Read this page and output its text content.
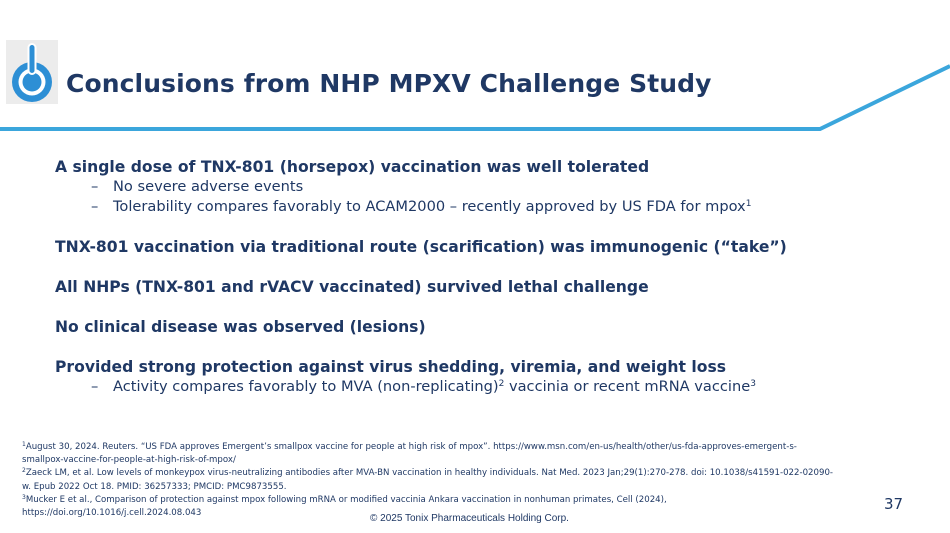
Conclusions from NHP MPXV Challenge Study
A single dose of TNX-801 (horsepox) vaccination was well tolerated
– No severe adverse events
– Tolerability compares favorably to ACAM2000 – recently approved by US FDA for mpox$^1$
TNX-801 vaccination via traditional route (scarification) was immunogenic (“take”)
All NHPs (TNX-801 and rVACV vaccinated) survived lethal challenge
No clinical disease was observed (lesions)
Provided strong protection against virus shedding, viremia, and weight loss
– Activity compares favorably to MVA (non-replicating)$^2$ vaccinia or recent mRNA vaccine$^3$
$^1$August 30, 2024. Reuters. “US FDA approves Emergent’s smallpox vaccine for people at high risk of mpox”. https://www.msn.com/en-us/health/other/us-fda-approves-emergent-s-
smallpox-vaccine-for-people-at-high-risk-of-mpox/
$^2$Zaeck LM, et al. Low levels of monkeypox virus-neutralizing antibodies after MVA-BN vaccination in healthy individuals. Nat Med. 2023 Jan;29(1):270-278. doi: 10.1038/s41591-022-02090-
w. Epub 2022 Oct 18. PMID: 36257333; PMCID: PMC9873555.
$^3$Mucker E et al., Comparison of protection against mpox following mRNA or modified vaccinia Ankara vaccination in nonhuman primates, Cell (2024),
https://doi.org/10.1016/j.cell.2024.08.043
37
© 2025 Tonix Pharmaceuticals Holding Corp.
